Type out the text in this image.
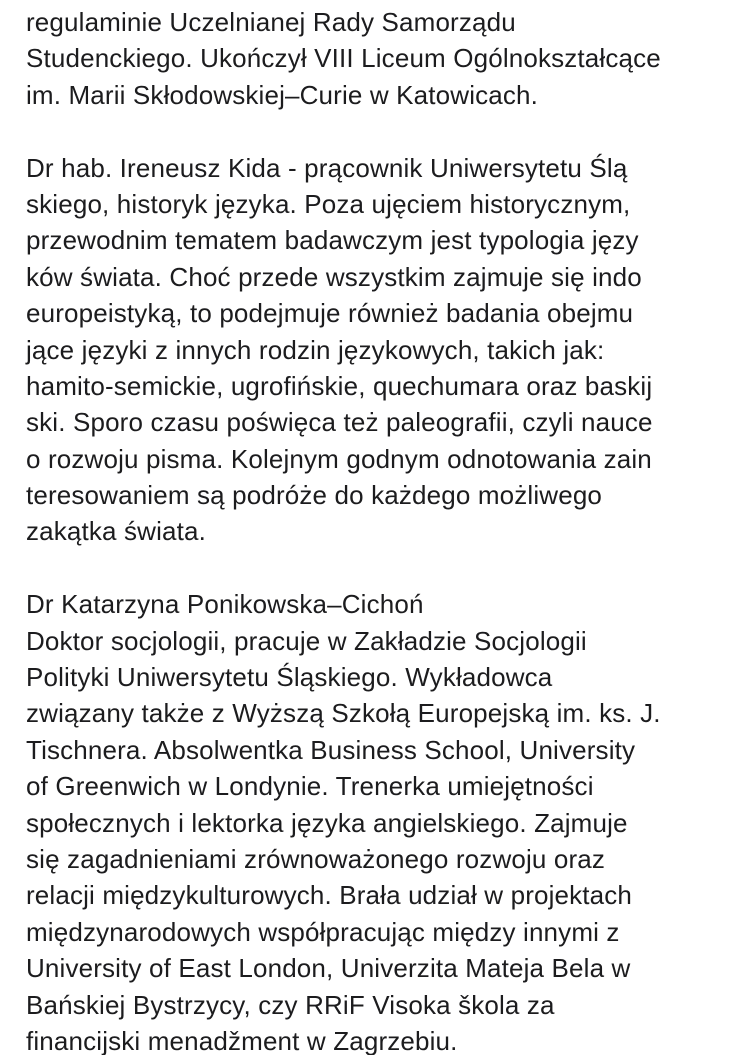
regulaminie Uczelnianej Rady Samorządu
Studenckiego. Ukończył VIII Liceum Ogólnokształcące
im. Marii Skłodowskiej–Curie w Katowicach.
Dr hab. Ireneusz Kida - prącownik Uniwersytetu Ślą
skiego, historyk języka. Poza ujęciem historycznym,
przewodnim tematem badawczym jest typologia języ
ków świata. Choć przede wszystkim zajmuje się indo
europeistyką, to podejmuje również badania obejmu
jące języki z innych rodzin językowych, takich jak:
hamito-semickie, ugrofińskie, quechumara oraz baskij
ski. Sporo czasu poświęca też paleografii, czyli nauce
o rozwoju pisma. Kolejnym godnym odnotowania zain
teresowaniem są podróże do każdego możliwego
zakątka świata.
Dr Katarzyna Ponikowska–Cichoń
Doktor socjologii, pracuje w Zakładzie Socjologii
Polityki Uniwersytetu Śląskiego. Wykładowca
związany także z Wyższą Szkołą Europejską im. ks. J.
Tischnera. Absolwentka Business School, University
of Greenwich w Londynie. Trenerka umiejętności
społecznych i lektorka języka angielskiego. Zajmuje
się zagadnieniami zrównoważonego rozwoju oraz
relacji międzykulturowych. Brała udział w projektach
międzynarodowych współpracując między innymi z
University of East London, Univerzita Mateja Bela w
Bańskiej Bystrzycy, czy RRiF Visoka škola za
financijski menadžment w Zagrzebiu.
